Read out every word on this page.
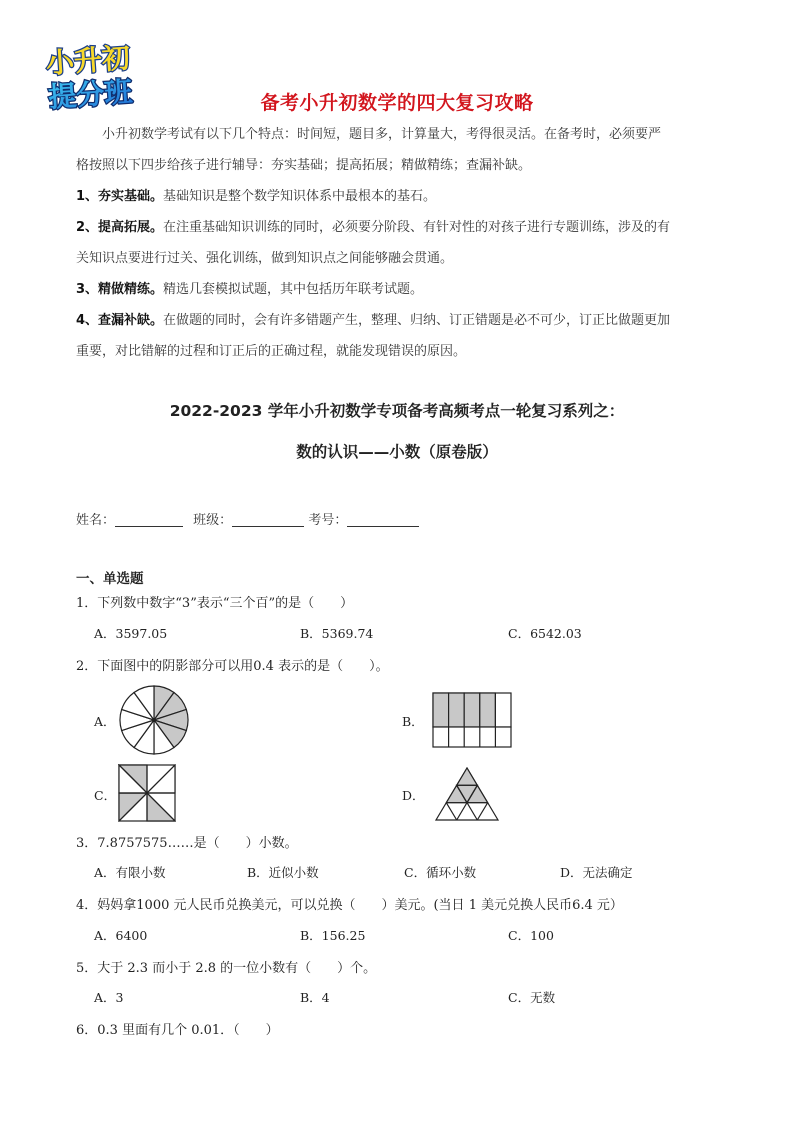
小升初
提分班	备考小升初数学的四大复习攻略
小升初数学考试有以下几个特点：时间短，题目多，计算量大，考得很灵活。在备考时，必须要严
格按照以下四步给孩子进行辅导：夯实基础；提高拓展；精做精练；查漏补缺。
1、夯实基础。基础知识是整个数学知识体系中最根本的基石。
2、提高拓展。在注重基础知识训练的同时，必须要分阶段、有针对性的对孩子进行专题训练，涉及的有
关知识点要进行过关、强化训练，做到知识点之间能够融会贯通。
3、精做精练。精选几套模拟试题，其中包括历年联考试题。
4、查漏补缺。在做题的同时，会有许多错题产生，整理、归纳、订正错题是必不可少，订正比做题更加
重要，对比错解的过程和订正后的正确过程，就能发现错误的原因。
2022-2023 学年小升初数学专项备考高频考点一轮复习系列之：
数的认识——小数（原卷版）
姓名：	班级：	考号：
一、单选题
1．下列数中数字“3”表示“三个百”的是（　　）
A．3597.05	B．5369.74	C．6542.03
2．下面图中的阴影部分可以用0.4 表示的是（　　）。
A．	B．
C．	D．
3．7.8757575……是（　　）小数。
A．有限小数	B．近似小数	C．循环小数	D．无法确定
4．妈妈拿1000 元人民币兑换美元，可以兑换（　　）美元。(当日 1 美元兑换人民币6.4 元）
A．6400	B．156.25	C．100
5．大于 2.3 而小于 2.8 的一位小数有（　　）个。
A．3	B．4	C．无数
6．0.3 里面有几个 0.01．（　　）
